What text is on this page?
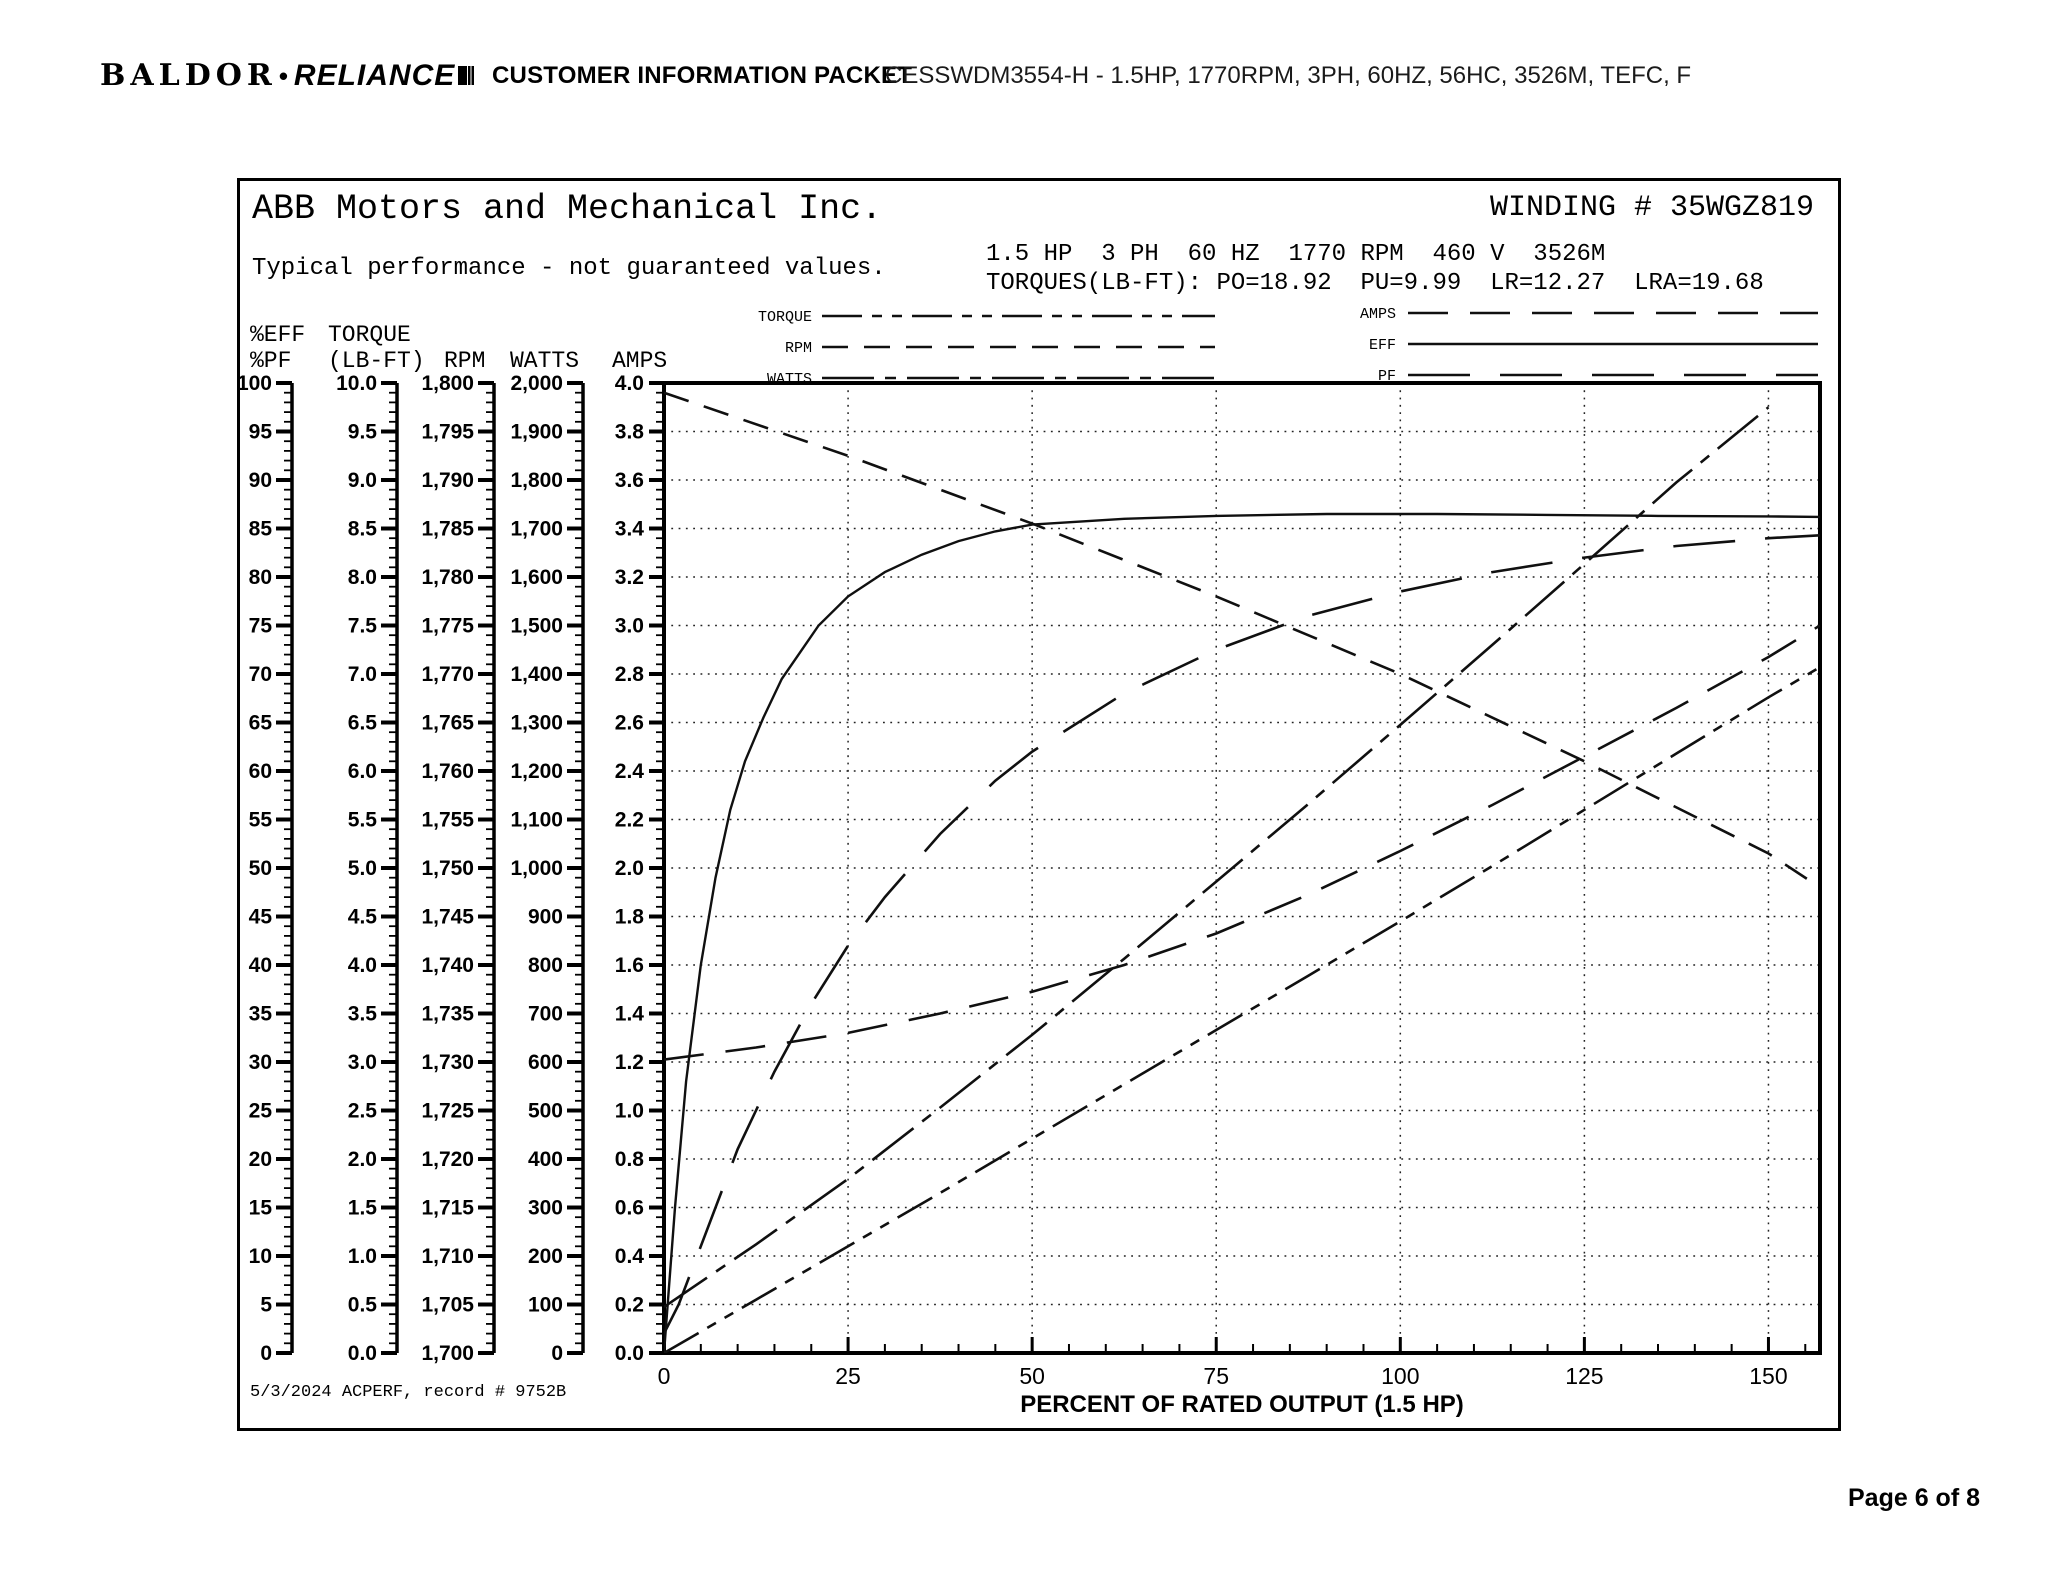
BALDOR• RELIANCE	CUSTOMER INFORMATION PACKET
CESSWDM3554-H - 1.5HP, 1770RPM, 3PH, 60HZ, 56HC, 3526M, TEFC, F
ABB Motors and Mechanical Inc.	WINDING # 35WGZ819
Typical performance - not guaranteed values.
1.5 HP  3 PH  60 HZ  1770 RPM  460 V  3526M
TORQUES(LB-FT): PO=18.92  PU=9.99  LR=12.27  LRA=19.68
5/3/2024 ACPERF, record # 9752B
0
5
10
15
20
25
30
35
40
45
50
55
60
65
70
75
80
85
90
95
100
%EFF
%PF
0.0
0.5
1.0
1.5
2.0
2.5
3.0
3.5
4.0
4.5
5.0
5.5
6.0
6.5
7.0
7.5
8.0
8.5
9.0
9.5
10.0
TORQUE
(LB-FT)
1,700
1,705
1,710
1,715
1,720
1,725
1,730
1,735
1,740
1,745
1,750
1,755
1,760
1,765
1,770
1,775
1,780
1,785
1,790
1,795
1,800
RPM
0
100
200
300
400
500
600
700
800
900
1,000
1,100
1,200
1,300
1,400
1,500
1,600
1,700
1,800
1,900
2,000
WATTS
0.0
0.2
0.4
0.6
0.8
1.0
1.2
1.4
1.6
1.8
2.0
2.2
2.4
2.6
2.8
3.0
3.2
3.4
3.6
3.8
4.0
AMPS
0	25	50	75	100	125	150
PERCENT OF RATED OUTPUT (1.5 HP)
TORQUE
RPM
WATTS
AMPS
EFF
PF
Page 6 of 8
